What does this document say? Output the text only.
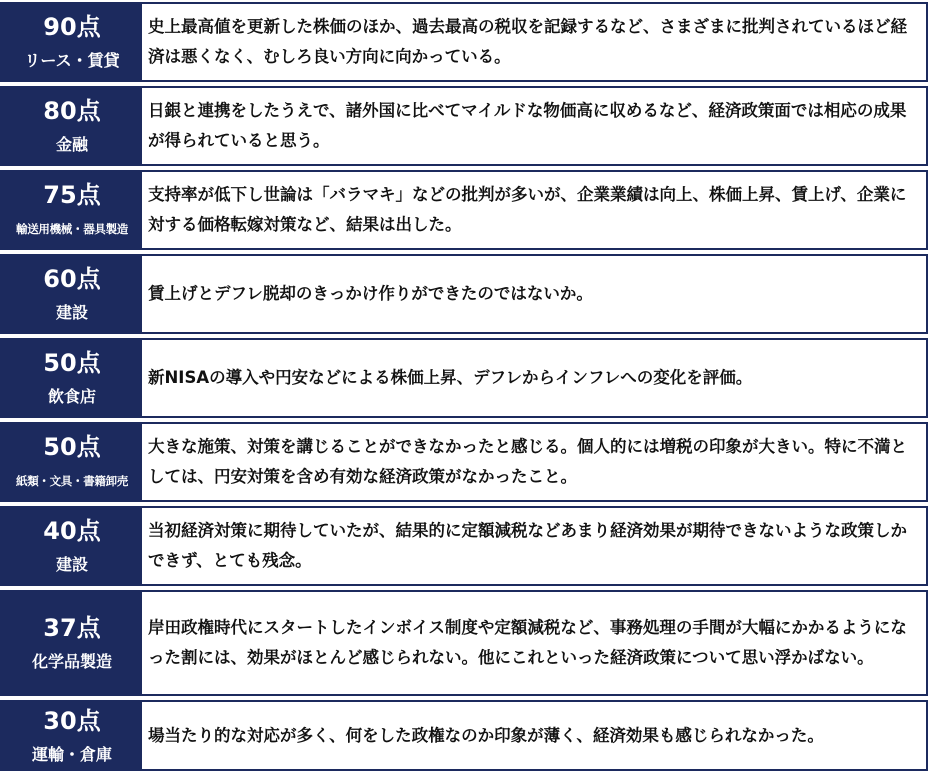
90点
リース・賃貸
史上最高値を更新した株価のほか、過去最高の税収を記録するなど、さまざまに批判されているほど経済は悪くなく、むしろ良い方向に向かっている。
80点
金融
日銀と連携をしたうえで、諸外国に比べてマイルドな物価高に収めるなど、経済政策面では相応の成果が得られていると思う。
75点
輸送用機械・器具製造
支持率が低下し世論は「バラマキ」などの批判が多いが、企業業績は向上、株価上昇、賃上げ、企業に対する価格転嫁対策など、結果は出した。
60点
建設
賃上げとデフレ脱却のきっかけ作りができたのではないか。
50点
飲食店
新NISAの導入や円安などによる株価上昇、デフレからインフレへの変化を評価。
50点
紙類・文具・書籍卸売
大きな施策、対策を講じることができなかったと感じる。個人的には増税の印象が大きい。特に不満としては、円安対策を含め有効な経済政策がなかったこと。
40点
建設
当初経済対策に期待していたが、結果的に定額減税などあまり経済効果が期待できないような政策しかできず、とても残念。
37点
化学品製造
岸田政権時代にスタートしたインボイス制度や定額減税など、事務処理の手間が大幅にかかるようになった割には、効果がほとんど感じられない。他にこれといった経済政策について思い浮かばない。
30点
運輸・倉庫
場当たり的な対応が多く、何をした政権なのか印象が薄く、経済効果も感じられなかった。
